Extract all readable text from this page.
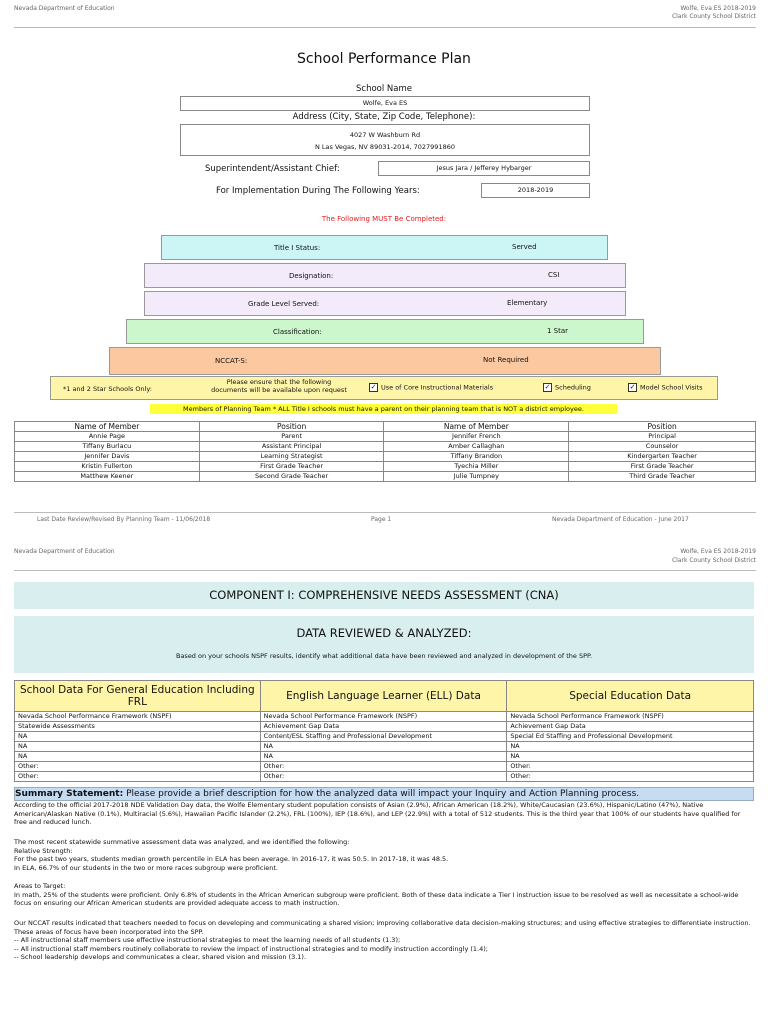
Nevada Department of Education	Wolfe, Eva ES 2018-2019
Clark County School District
School Performance Plan
School Name
Wolfe, Eva ES
Address (City, State, Zip Code, Telephone):
4027 W Washburn Rd
N Las Vegas, NV 89031-2014, 7027991860
Superintendent/Assistant Chief:	Jesus Jara / Jefferey Hybarger
For Implementation During The Following Years:	2018-2019
The Following MUST Be Completed:
Title I Status:	Served
Designation:	CSI
Grade Level Served:	Elementary
Classification:	1 Star
NCCAT-S:	Not Required
*1 and 2 Star Schools Only:
Please ensure that the following
documents will be available upon request	✓ Use of Core Instructional Materials	✓ Scheduling	✓ Model School Visits
Members of Planning Team * ALL Title I schools must have a parent on their planning team that is NOT a district employee.
Name of Member	Position	Name of Member	Position
Annie Page	Parent	Jennifer French	Principal
Tiffany Burlacu	Assistant Principal	Amber Callaghan	Counselor
Jennifer Davis	Learning Strategist	Tiffany Brandon	Kindergarten Teacher
Kristin Fullerton	First Grade Teacher	Tyechia Miller	First Grade Teacher
Matthew Keener	Second Grade Teacher	Julie Tumpney	Third Grade Teacher
Last Date Review/Revised By Planning Team - 11/06/2018	Page 1	Nevada Department of Education - June 2017
Nevada Department of Education	Wolfe, Eva ES 2018-2019
Clark County School District
COMPONENT I: COMPREHENSIVE NEEDS ASSESSMENT (CNA)
DATA REVIEWED & ANALYZED:
Based on your schools NSPF results, identify what additional data have been reviewed and analyzed in development of the SPP.
School Data For General Education Including FRL	English Language Learner (ELL) Data	Special Education Data
Nevada School Performance Framework (NSPF)	Nevada School Performance Framework (NSPF)	Nevada School Performance Framework (NSPF)
Statewide Assessments	Achievement Gap Data	Achievement Gap Data
NA	Content/ESL Staffing and Professional Development	Special Ed Staffing and Professional Development
NA	NA	NA
NA	NA	NA
Other:	Other:	Other:
Other:	Other:	Other:
Summary Statement: Please provide a brief description for how the analyzed data will impact your Inquiry and Action Planning process.
According to the official 2017-2018 NDE Validation Day data, the Wolfe Elementary student population consists of Asian (2.9%), African American (18.2%), White/Caucasian (23.6%), Hispanic/Latino (47%), Native American/Alaskan Native (0.1%), Multiracial (5.6%), Hawaiian Pacific Islander (2.2%), FRL (100%), IEP (18.6%), and LEP (22.9%) with a total of 512 students. This is the third year that 100% of our students have qualified for free and reduced lunch.
The most recent statewide summative assessment data was analyzed, and we identified the following:
Relative Strength:
For the past two years, students median growth percentile in ELA has been average. In 2016-17, it was 50.5. In 2017-18, it was 48.5.
In ELA, 66.7% of our students in the two or more races subgroup were proficient.
Areas to Target:
In math, 25% of the students were proficient. Only 6.8% of students in the African American subgroup were proficient. Both of these data indicate a Tier I instruction issue to be resolved as well as necessitate a school-wide focus on ensuring our African American students are provided adequate access to math instruction.
Our NCCAT results indicated that teachers needed to focus on developing and communicating a shared vision; improving collaborative data decision-making structures; and using effective strategies to differentiate instruction. These areas of focus have been incorporated into the SPP.
-- All instructional staff members use effective instructional strategies to meet the learning needs of all students (1.3);
-- All instructional staff members routinely collaborate to review the impact of instructional strategies and to modify instruction accordingly (1.4);
-- School leadership develops and communicates a clear, shared vision and mission (3.1).
